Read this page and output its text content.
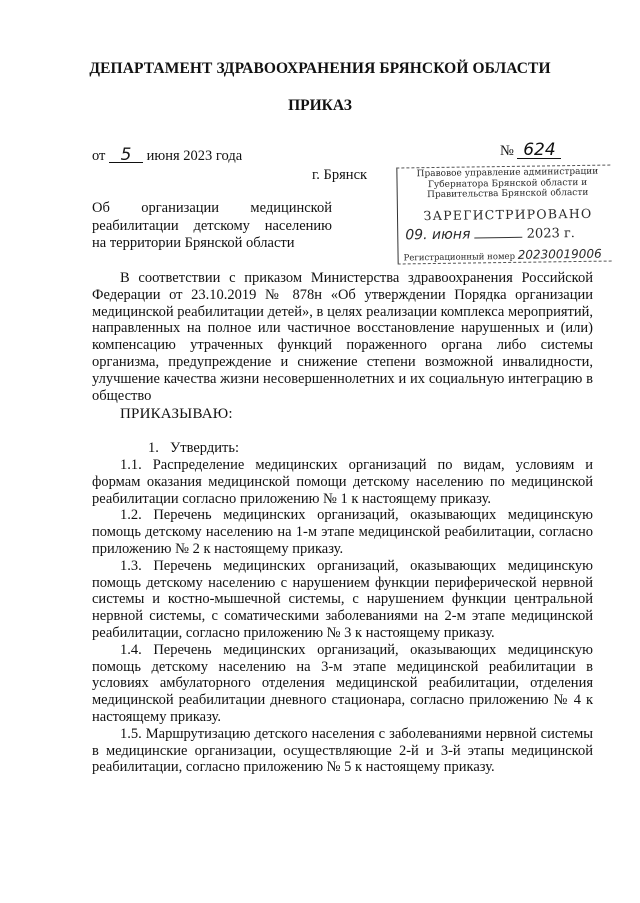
ДЕПАРТАМЕНТ ЗДРАВООХРАНЕНИЯ БРЯНСКОЙ ОБЛАСТИ
ПРИКАЗ
от 5 июня 2023 года
г. Брянск
№ 624
Правовое управление администрации Губернатора Брянской области и Правительства Брянской области
ЗАРЕГИСТРИРОВАНО
09. июня	2023 г.
Регистрационный номер 20230019006
Об организации медицинской
реабилитации детскому населению
на территории Брянской области

В соответствии с приказом Министерства здравоохранения Российской Федерации от 23.10.2019 № 878н «Об утверждении Порядка организации медицинской реабилитации детей», в целях реализации комплекса мероприятий, направленных на полное или частичное восстановление нарушенных и (или) компенсацию утраченных функций пораженного органа либо системы организма, предупреждение и снижение степени возможной инвалидности, улучшение качества жизни несовершеннолетних и их социальную интеграцию в общество

ПРИКАЗЫВАЮ:

1. Утвердить:

1.1. Распределение медицинских организаций по видам, условиям и формам оказания медицинской помощи детскому населению по медицинской реабилитации согласно приложению № 1 к настоящему приказу.

1.2. Перечень медицинских организаций, оказывающих медицинскую помощь детскому населению на 1-м этапе медицинской реабилитации, согласно приложению № 2 к настоящему приказу.

1.3. Перечень медицинских организаций, оказывающих медицинскую помощь детскому населению с нарушением функции периферической нервной системы и костно-мышечной системы, с нарушением функции центральной нервной системы, с соматическими заболеваниями на 2-м этапе медицинской реабилитации, согласно приложению № 3 к настоящему приказу.

1.4. Перечень медицинских организаций, оказывающих медицинскую помощь детскому населению на 3-м этапе медицинской реабилитации в условиях амбулаторного отделения медицинской реабилитации, отделения медицинской реабилитации дневного стационара, согласно приложению № 4 к настоящему приказу.

1.5. Маршрутизацию детского населения с заболеваниями нервной системы в медицинские организации, осуществляющие 2-й и 3-й этапы медицинской реабилитации, согласно приложению № 5 к настоящему приказу.
